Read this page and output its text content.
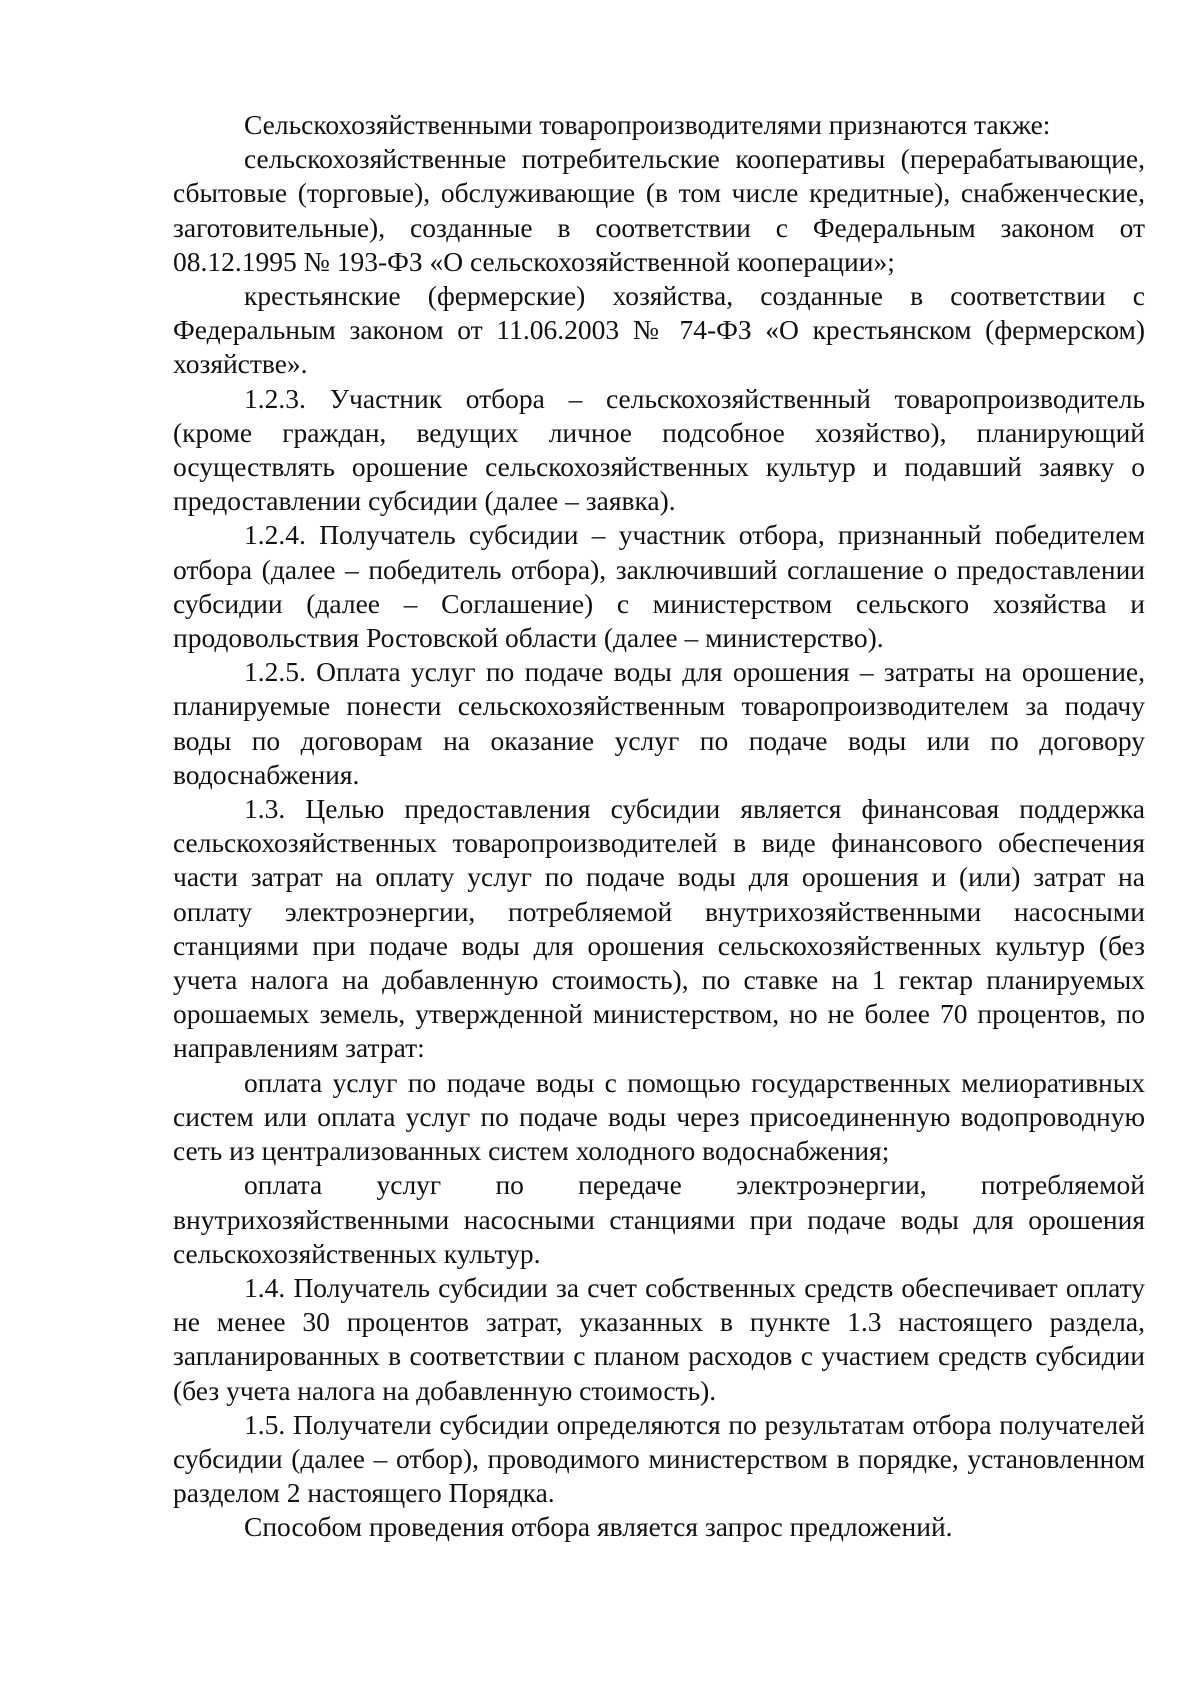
Сельскохозяйственными товаропроизводителями признаются также:

сельскохозяйственные потребительские кооперативы (перерабатывающие, сбытовые (торговые), обслуживающие (в том числе кредитные), снабженческие, заготовительные), созданные в соответствии с Федеральным законом от 08.12.1995 № 193-ФЗ «О сельскохозяйственной кооперации»;

крестьянские (фермерские) хозяйства, созданные в соответствии с Федеральным законом от 11.06.2003 № 74-ФЗ «О крестьянском (фермерском) хозяйстве».

1.2.3. Участник отбора – сельскохозяйственный товаропроизводитель (кроме граждан, ведущих личное подсобное хозяйство), планирующий осуществлять орошение сельскохозяйственных культур и подавший заявку о предоставлении субсидии (далее – заявка).

1.2.4. Получатель субсидии – участник отбора, признанный победителем отбора (далее – победитель отбора), заключивший соглашение о предоставлении субсидии (далее – Соглашение) с министерством сельского хозяйства и продовольствия Ростовской области (далее – министерство).

1.2.5. Оплата услуг по подаче воды для орошения – затраты на орошение, планируемые понести сельскохозяйственным товаропроизводителем за подачу воды по договорам на оказание услуг по подаче воды или по договору водоснабжения.

1.3. Целью предоставления субсидии является финансовая поддержка сельскохозяйственных товаропроизводителей в виде финансового обеспечения части затрат на оплату услуг по подаче воды для орошения и (или) затрат на оплату электроэнергии, потребляемой внутрихозяйственными насосными станциями при подаче воды для орошения сельскохозяйственных культур (без учета налога на добавленную стоимость), по ставке на 1 гектар планируемых орошаемых земель, утвержденной министерством, но не более 70 процентов, по направлениям затрат:

оплата услуг по подаче воды с помощью государственных мелиоративных систем или оплата услуг по подаче воды через присоединенную водопроводную сеть из централизованных систем холодного водоснабжения;

оплата услуг по передаче электроэнергии, потребляемой внутрихозяйственными насосными станциями при подаче воды для орошения сельскохозяйственных культур.

1.4. Получатель субсидии за счет собственных средств обеспечивает оплату не менее 30 процентов затрат, указанных в пункте 1.3 настоящего раздела, запланированных в соответствии с планом расходов с участием средств субсидии (без учета налога на добавленную стоимость).

1.5. Получатели субсидии определяются по результатам отбора получателей субсидии (далее – отбор), проводимого министерством в порядке, установленном разделом 2 настоящего Порядка.

Способом проведения отбора является запрос предложений.
